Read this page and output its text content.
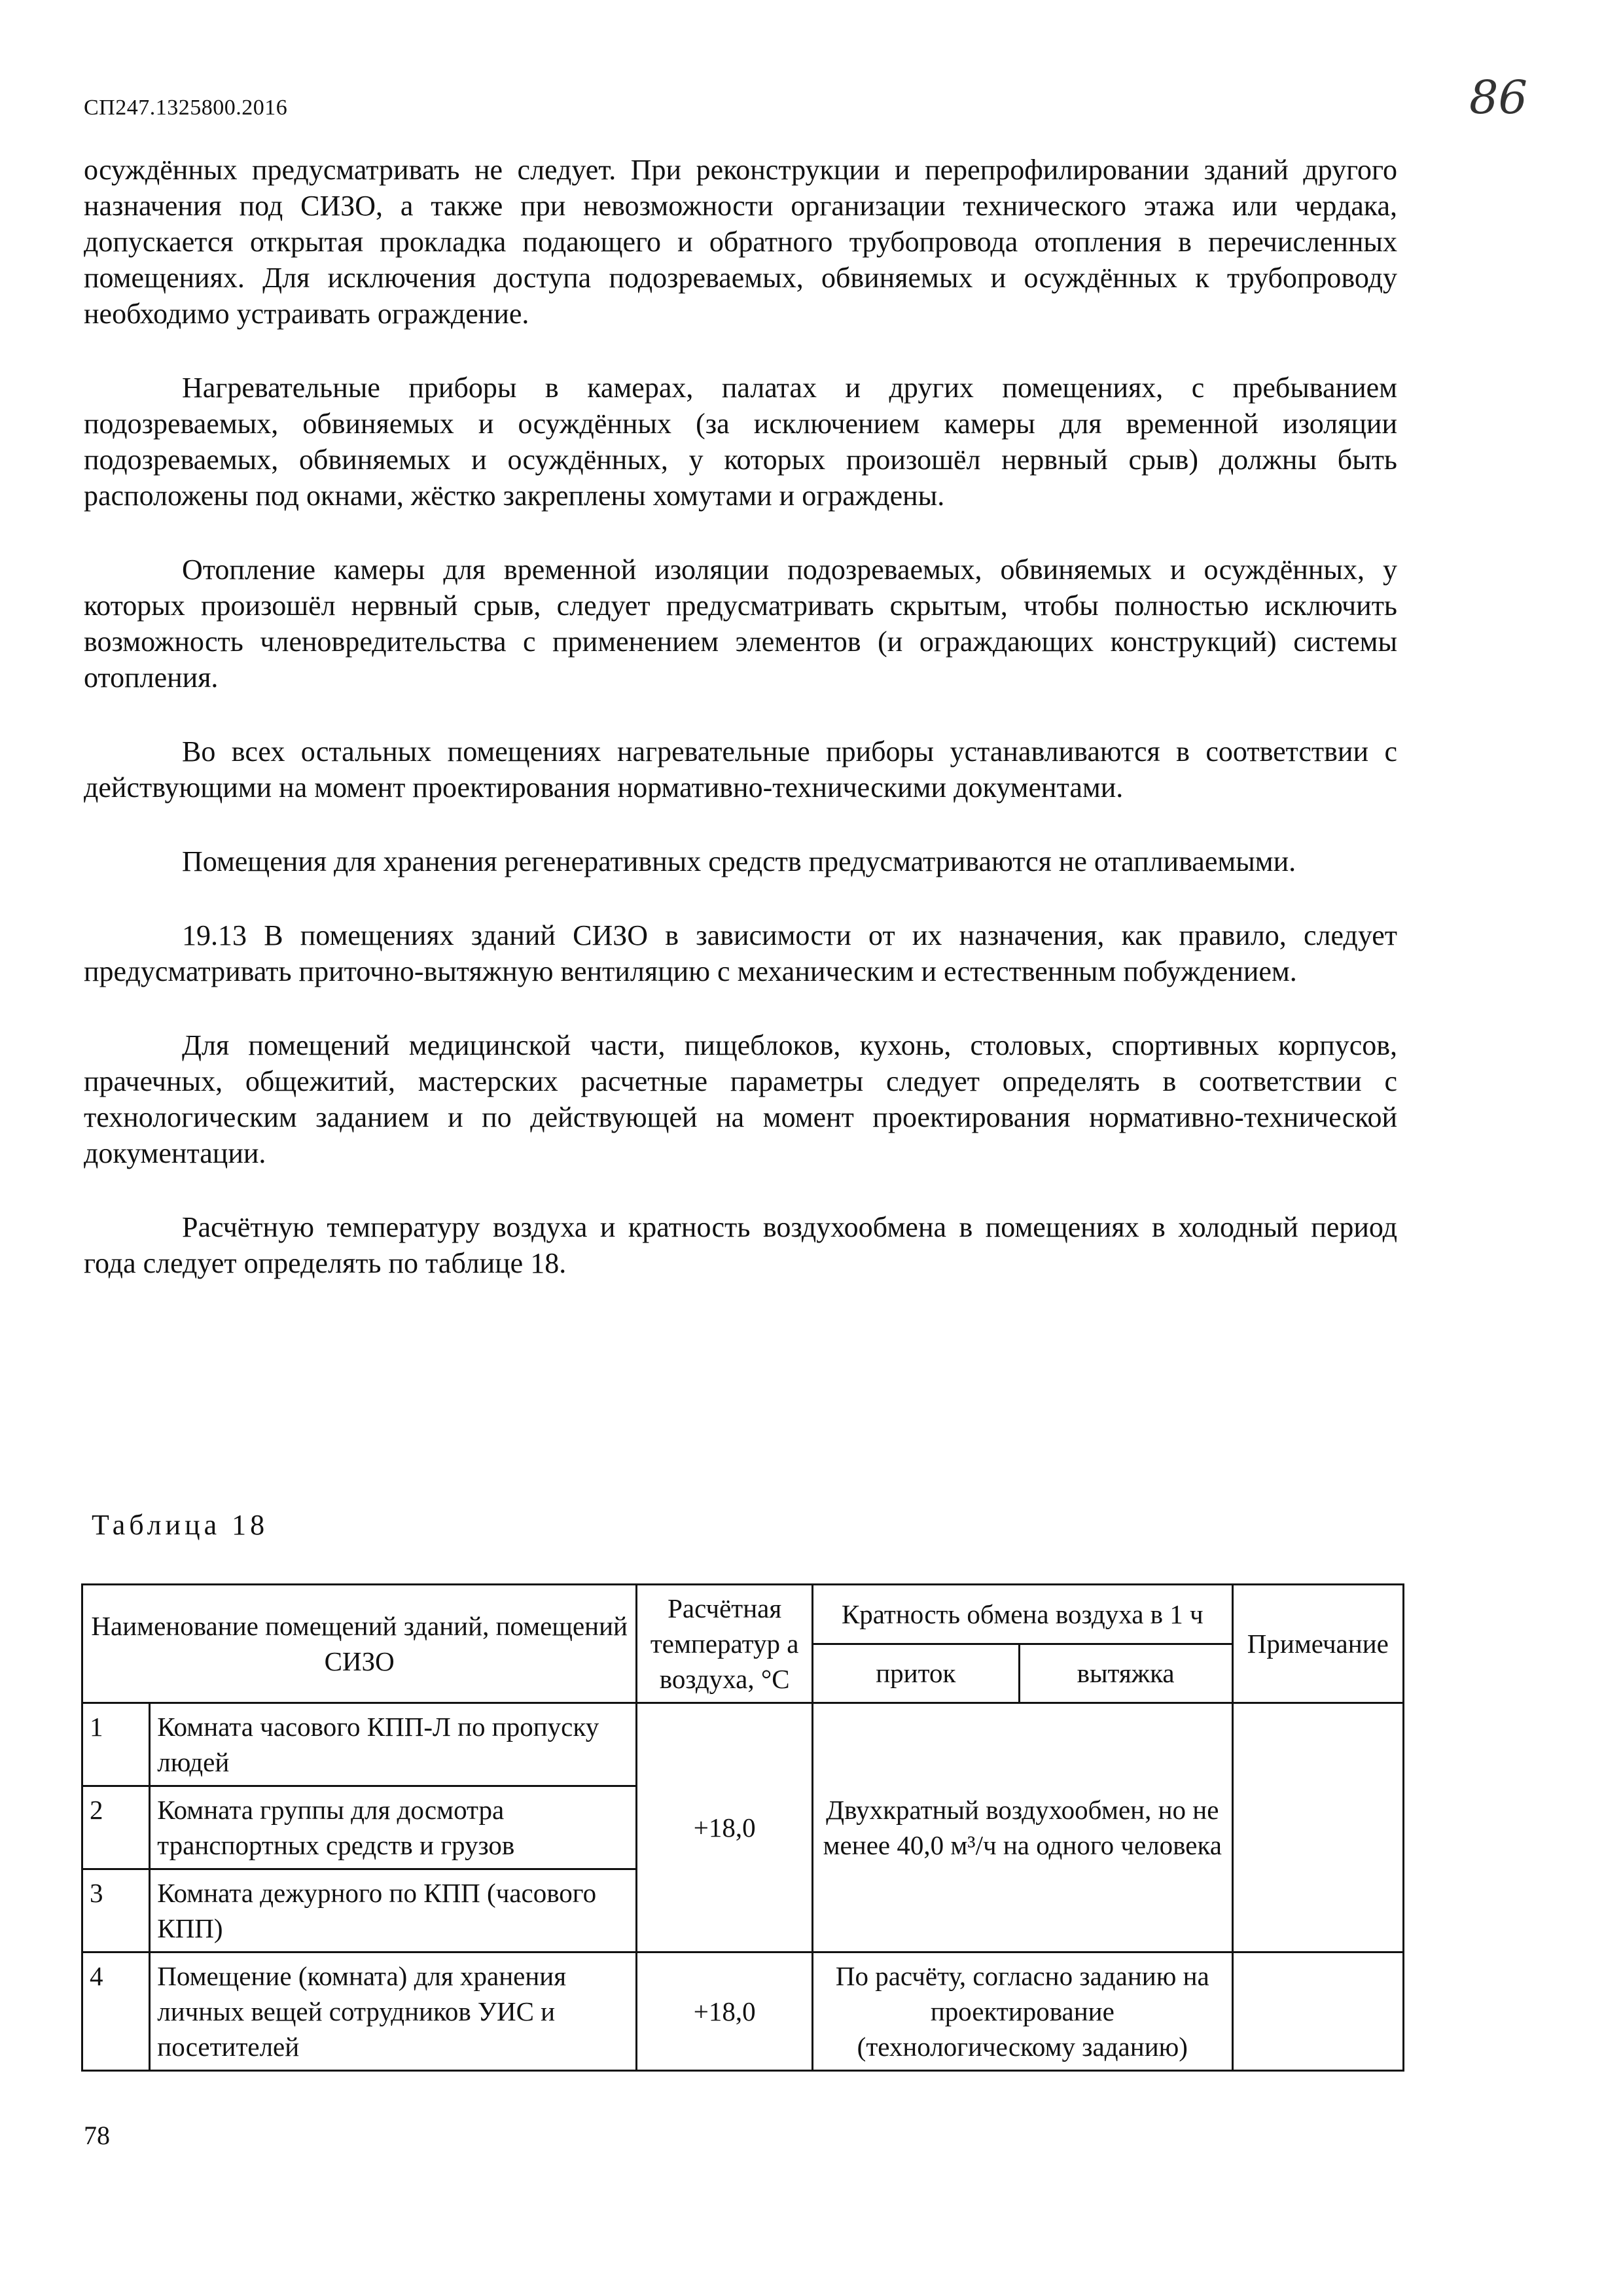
СП247.1325800.2016	86

осуждённых предусматривать не следует. При реконструкции и перепрофилировании зданий другого назначения под СИЗО, а также при невозможности организации технического этажа или чердака, допускается открытая прокладка подающего и обратного трубопровода отопления в перечисленных помещениях. Для исключения доступа подозреваемых, обвиняемых и осуждённых к трубопроводу необходимо устраивать ограждение.

Нагревательные приборы в камерах, палатах и других помещениях, с пребыванием подозреваемых, обвиняемых и осуждённых (за исключением камеры для временной изоляции подозреваемых, обвиняемых и осуждённых, у которых произошёл нервный срыв) должны быть расположены под окнами, жёстко закреплены хомутами и ограждены.

Отопление камеры для временной изоляции подозреваемых, обвиняемых и осуждённых, у которых произошёл нервный срыв, следует предусматривать скрытым, чтобы полностью исключить возможность членовредительства с применением элементов (и ограждающих конструкций) системы отопления.

Во всех остальных помещениях нагревательные приборы устанавливаются в соответствии с действующими на момент проектирования нормативно-техническими документами.

Помещения для хранения регенеративных средств предусматриваются не отапливаемыми.

19.13 В помещениях зданий СИЗО в зависимости от их назначения, как правило, следует предусматривать приточно-вытяжную вентиляцию с механическим и естественным побуждением.

Для помещений медицинской части, пищеблоков, кухонь, столовых, спортивных корпусов, прачечных, общежитий, мастерских расчетные параметры следует определять в соответствии с технологическим заданием и по действующей на момент проектирования нормативно-технической документации.

Расчётную температуру воздуха и кратность воздухообмена в помещениях в холодный период года следует определять по таблице 18.

Таблица 18
Наименование помещений зданий, помещений СИЗО		Расчётная температур а воздуха, °С	Кратность обмена воздуха в 1 ч		Примечание
			приток	вытяжка	
1	Комната часового КПП-Л по пропуску людей	+18,0	Двухкратный воздухообмен, но не менее 40,0 м³/ч на одного человека		
2	Комната группы для досмотра транспортных средств и грузов				
3	Комната дежурного по КПП (часового КПП)				
4	Помещение (комната) для хранения личных вещей сотрудников УИС и посетителей	+18,0	По расчёту, согласно заданию на проектирование (технологическому заданию)		
78
